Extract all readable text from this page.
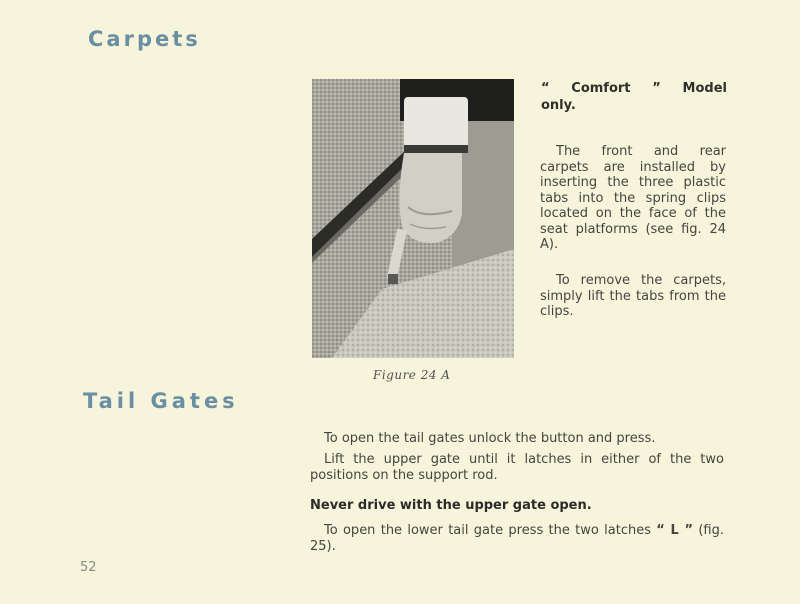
Carpets
Figure 24 A

“ Comfort ” Model

only.

The front and rear carpets are installed by inserting the three plastic tabs into the spring clips located on the face of the seat platforms (see fig. 24 A).

To remove the carpets, simply lift the tabs from the clips.

Tail Gates

To open the tail gates unlock the button and press.

Lift the upper gate until it latches in either of the two positions on the support rod.

Never drive with the upper gate open.

To open the lower tail gate press the two latches “ L ” (fig. 25).

52
